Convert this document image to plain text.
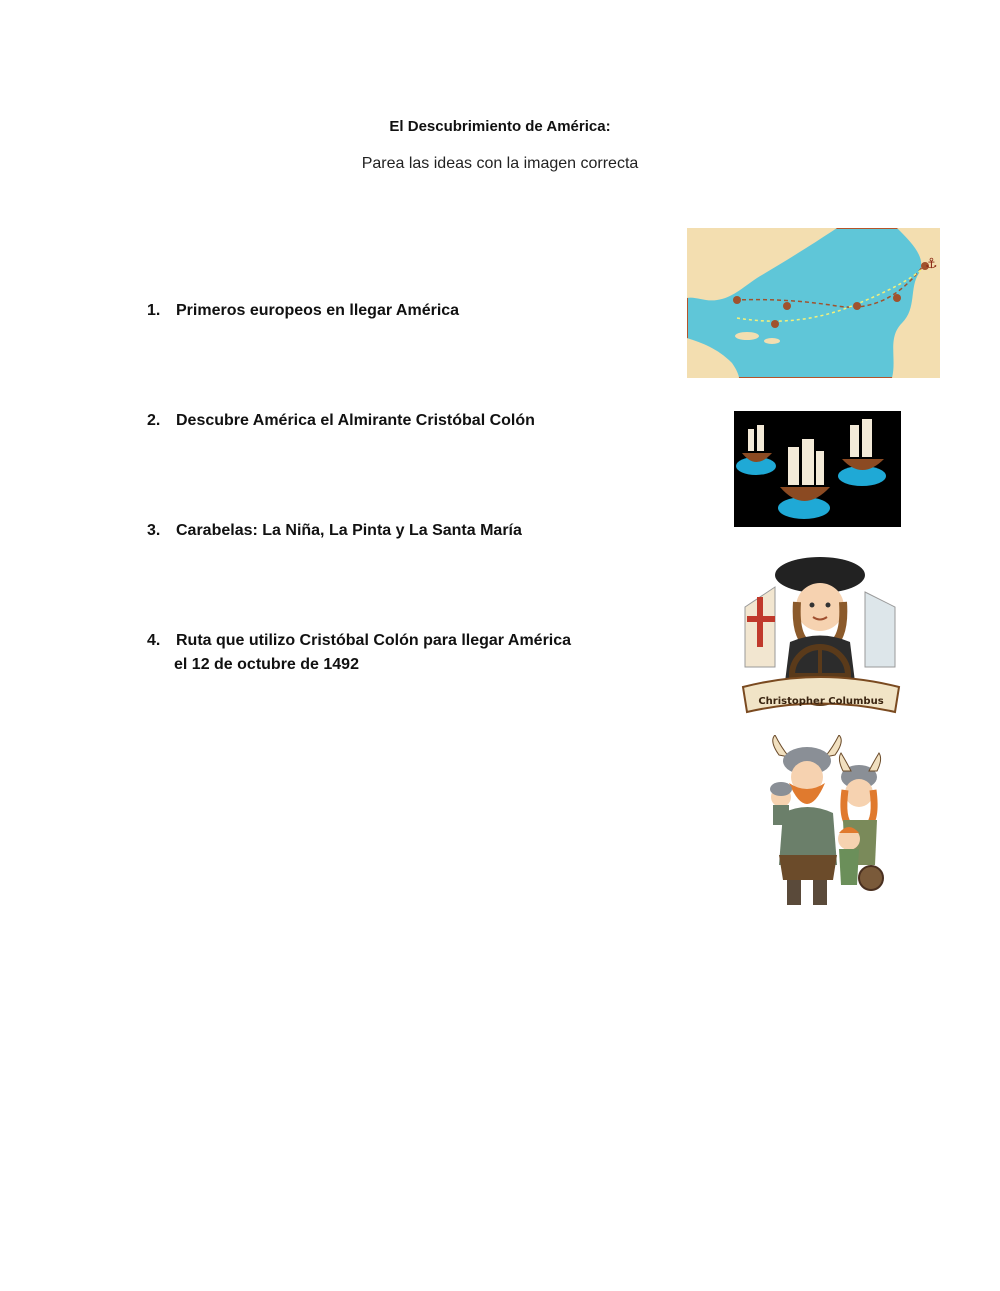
El Descubrimiento de América:
Parea las ideas con la imagen correcta
1. Primeros europeos en llegar América
2. Descubre América el Almirante Cristóbal Colón
3. Carabelas: La Niña, La Pinta y La Santa María
4. Ruta que utilizo Cristóbal Colón para llegar América
el 12 de octubre de 1492
⚓
Christopher Columbus
